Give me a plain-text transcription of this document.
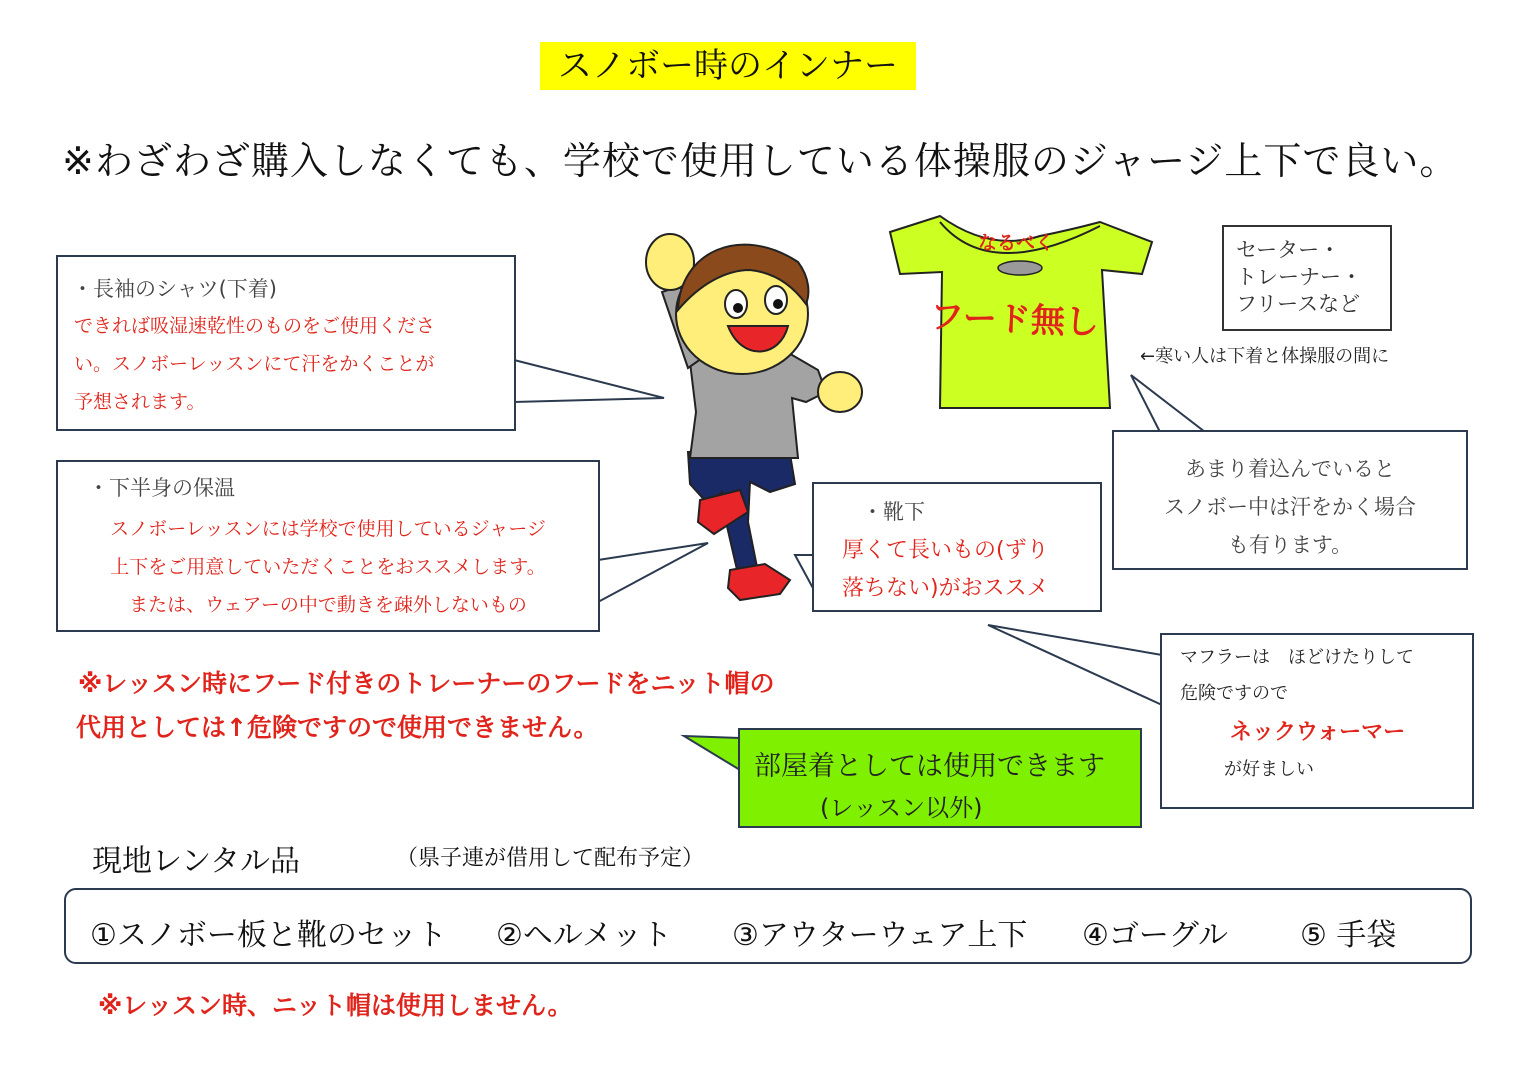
スノボー時のインナー
※わざわざ購入しなくても、学校で使用している体操服のジャージ上下で良い。
・長袖のシャツ(下着)
できれば吸湿速乾性のものをご使用くださ
い。スノボーレッスンにて汗をかくことが
予想されます。
・下半身の保温
スノボーレッスンには学校で使用しているジャージ
上下をご用意していただくことをおススメします。
または、ウェアーの中で動きを疎外しないもの
なるべく
フード無し
セーター・
トレーナー・
フリースなど
←寒い人は下着と体操服の間に
あまり着込んでいると
スノボー中は汗をかく場合
も有ります。
・靴下
厚くて長いもの(ずり
落ちない)がおススメ
マフラーは　ほどけたりして
危険ですので
ネックウォーマー
が好ましい
※レッスン時にフード付きのトレーナーのフードをニット帽の
代用としては↑危険ですので使用できません。
部屋着としては使用できます
(レッスン以外)
現地レンタル品	（県子連が借用して配布予定）
①スノボー板と靴のセット ②ヘルメット ③アウターウェア上下 ④ゴーグル ⑤ 手袋
※レッスン時、ニット帽は使用しません。
